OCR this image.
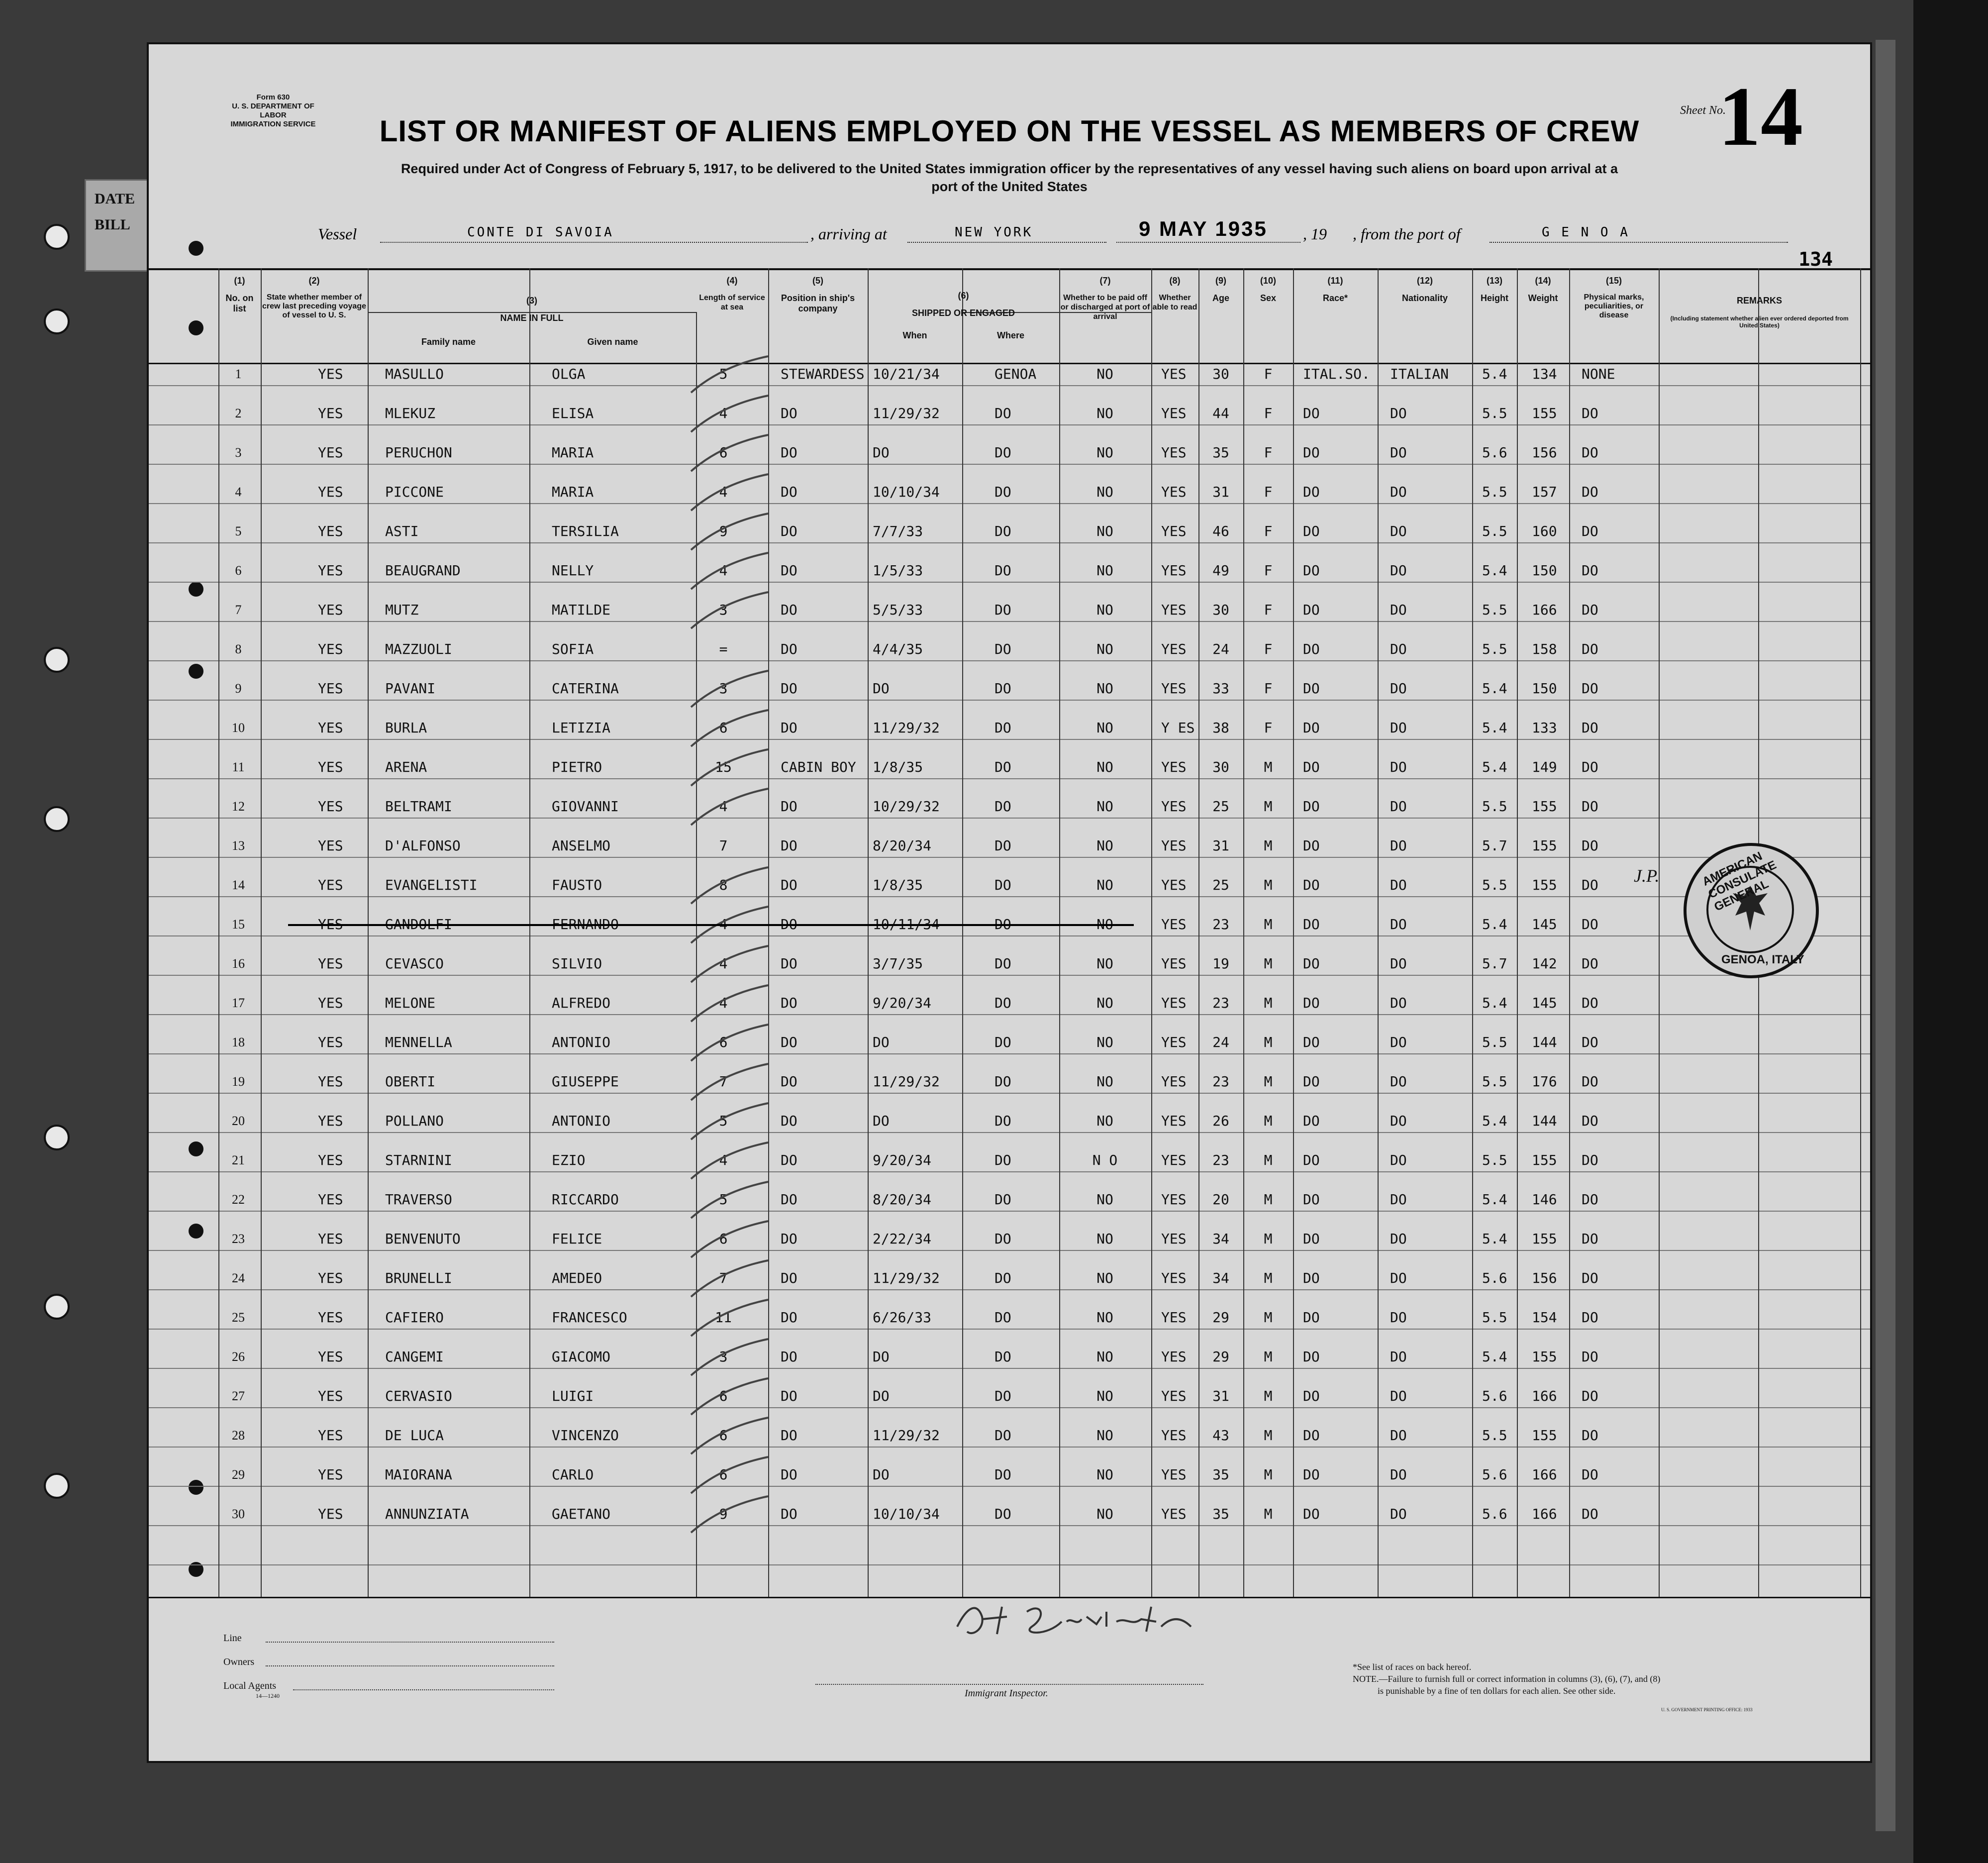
DATE
BILL
Form 630
U. S. DEPARTMENT OF LABOR
IMMIGRATION SERVICE
Sheet No.
14
LIST OR MANIFEST OF ALIENS EMPLOYED ON THE VESSEL AS MEMBERS OF CREW
Required under Act of Congress of February 5, 1917, to be delivered to the United States immigration officer by the representatives of any vessel having such aliens on board upon arrival at a
port of the United States
Vessel	CONTE DI SAVOIA	, arriving at	NEW YORK	9 MAY 1935 , 19 , from the port of	G E N O A
134
(1)
No. on list
(2)
State whether member of crew last preceding voyage of vessel to U. S.
(3)
NAME IN FULL
Family name	Given name
(4)
Length of service at sea
(5)
Position in ship's company
(6)
SHIPPED OR ENGAGED
When	Where
(7)
Whether to be paid off or discharged at port of arrival
(8)
Whether able to read
(9)
Age
(10)
Sex
(11)
Race*
(12)
Nationality
(13)
Height
(14)
Weight
(15)
Physical marks, peculiarities, or disease
REMARKS
(Including statement whether alien ever ordered deported from United States)
1	YES	MASULLO	OLGA	5	STEWARDESS 10/21/34	GENOA	NO	YES	30	F	ITAL.SO. ITALIAN 5.4 134 NONE
2	YES	MLEKUZ	ELISA	4	DO	11/29/32	DO	NO	YES	44	F	DO	DO	5.5 155 DO
3	YES	PERUCHON	MARIA	6	DO	DO	DO	NO	YES	35	F	DO	DO	5.6 156 DO
4	YES	PICCONE	MARIA	4	DO	10/10/34	DO	NO	YES	31	F	DO	DO	5.5 157 DO
5	YES	ASTI	TERSILIA	9	DO	7/7/33	DO	NO	YES	46	F	DO	DO	5.5 160 DO
6	YES	BEAUGRAND	NELLY	4	DO	1/5/33	DO	NO	YES	49	F	DO	DO	5.4 150 DO
7	YES	MUTZ	MATILDE	3	DO	5/5/33	DO	NO	YES	30	F	DO	DO	5.5 166 DO
8	YES	MAZZUOLI	SOFIA	=	DO	4/4/35	DO	NO	YES	24	F	DO	DO	5.5 158 DO
9	YES	PAVANI	CATERINA	3	DO	DO	DO	NO	YES	33	F	DO	DO	5.4 150 DO
10	YES	BURLA	LETIZIA	6	DO	11/29/32	DO	NO	Y ES	38	F	DO	DO	5.4 133 DO
11	YES	ARENA	PIETRO	15	CABIN BOY 1/8/35	DO	NO	YES	30	M	DO	DO	5.4 149 DO
12	YES	BELTRAMI	GIOVANNI	4	DO	10/29/32	DO	NO	YES	25	M	DO	DO	5.5 155 DO
13	YES	D'ALFONSO	ANSELMO	7	DO	8/20/34	DO	NO	YES	31	M	DO	DO	5.7 155 DO
14	YES	EVANGELISTI	FAUSTO	8	DO	1/8/35	DO	NO	YES	25	M	DO	DO	5.5 155 DO
15	YES	GANDOLFI	FERNANDO	4	DO	10/11/34	DO	NO	YES	23	M	DO	DO	5.4 145 DO
16	YES	CEVASCO	SILVIO	4	DO	3/7/35	DO	NO	YES	19	M	DO	DO	5.7 142 DO
17	YES	MELONE	ALFREDO	4	DO	9/20/34	DO	NO	YES	23	M	DO	DO	5.4 145 DO
18	YES	MENNELLA	ANTONIO	6	DO	DO	DO	NO	YES	24	M	DO	DO	5.5 144 DO
19	YES	OBERTI	GIUSEPPE	7	DO	11/29/32	DO	NO	YES	23	M	DO	DO	5.5 176 DO
20	YES	POLLANO	ANTONIO	5	DO	DO	DO	NO	YES	26	M	DO	DO	5.4 144 DO
21	YES	STARNINI	EZIO	4	DO	9/20/34	DO	N O	YES	23	M	DO	DO	5.5 155 DO
22	YES	TRAVERSO	RICCARDO	5	DO	8/20/34	DO	NO	YES	20	M	DO	DO	5.4 146 DO
23	YES	BENVENUTO	FELICE	6	DO	2/22/34	DO	NO	YES	34	M	DO	DO	5.4 155 DO
24	YES	BRUNELLI	AMEDEO	7	DO	11/29/32	DO	NO	YES	34	M	DO	DO	5.6 156 DO
25	YES	CAFIERO	FRANCESCO	11	DO	6/26/33	DO	NO	YES	29	M	DO	DO	5.5 154 DO
26	YES	CANGEMI	GIACOMO	3	DO	DO	DO	NO	YES	29	M	DO	DO	5.4 155 DO
27	YES	CERVASIO	LUIGI	6	DO	DO	DO	NO	YES	31	M	DO	DO	5.6 166 DO
28	YES	DE LUCA	VINCENZO	6	DO	11/29/32	DO	NO	YES	43	M	DO	DO	5.5 155 DO
29	YES	MAIORANA	CARLO	6	DO	DO	DO	NO	YES	35	M	DO	DO	5.6 166 DO
30	YES	ANNUNZIATA	GAETANO	9	DO	10/10/34	DO	NO	YES	35	M	DO	DO	5.6 166 DO
AMERICAN CONSULATE GENERAL
GENOA, ITALY
J.P.
Line
Owners
Local Agents
14—1240	Immigrant Inspector.
*See list of races on back hereof.
NOTE.—Failure to furnish full or correct information in columns (3), (6), (7), and (8)
is punishable by a fine of ten dollars for each alien. See other side.
U. S. GOVERNMENT PRINTING OFFICE: 1933
